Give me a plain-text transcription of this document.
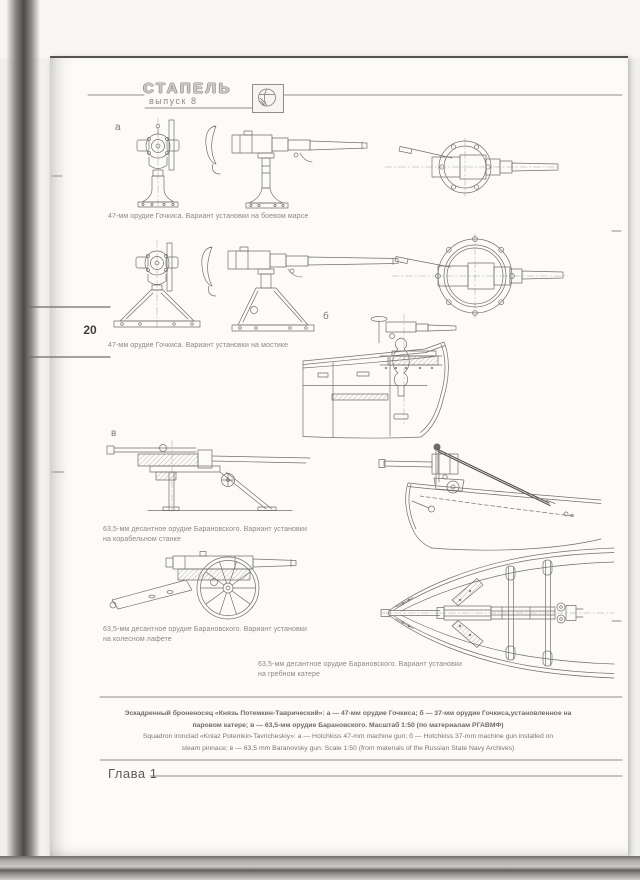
СТАПЕЛЬ
выпуск 8
20
а
б
в
47-мм орудие Гочкиса. Вариант установки на боевом марсе
47-мм орудие Гочкиса. Вариант установки на мостике
63,5-мм десантное орудие Барановского. Вариант установки
на корабельном станке
63,5-мм десантное орудие Барановского. Вариант установки
на колесном лафете
63,5-мм десантное орудие Барановского. Вариант установки
на гребном катере
Эскадренный броненосец «Князь Потемкин-Таврический»: а — 47-мм орудие Гочкиса; б — 37-мм орудие Гочкиса,установленное на
паровом катере; в — 63,5-мм орудие Барановского. Масштаб 1:50 (по материалам РГАВМФ)
Squadron ironclad «Kniaz Potemkin-Tavricheskiy»: а — Hotchkiss 47-mm machine gun; б — Hotchkiss 37-mm machine gun installed on
steam pinnace; в — 63,5 mm Baranovsky gun. Scale 1:50 (from materials of the Russian State Navy Archives)
Глава 1
